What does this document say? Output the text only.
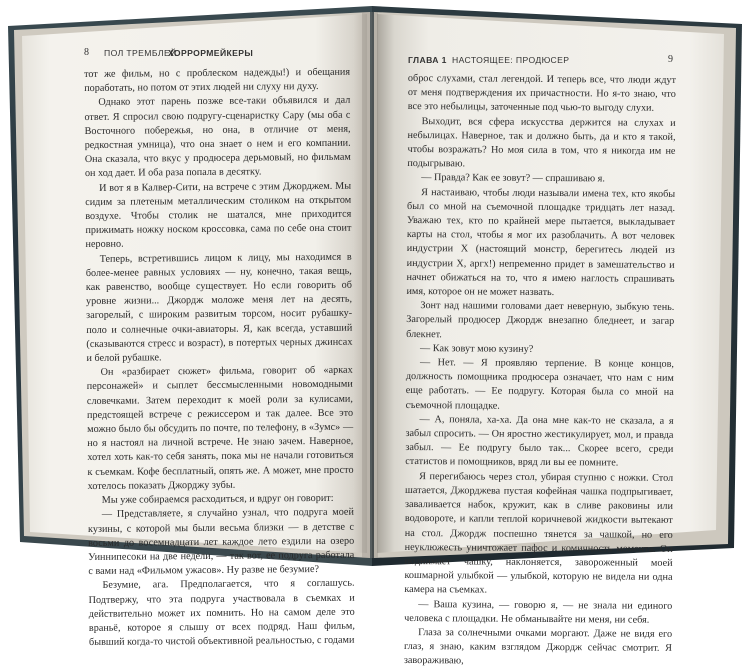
8 ПОЛ ТРЕМБЛЕЙ
ХОРРОРМЕЙКЕРЫ

тот же фильм, но с проблеском надежды!) и обещания поработать, но потом от этих людей ни слуху ни духу.

Однако этот парень позже все-таки объявился и дал ответ. Я спросил свою подругу-сценаристку Сару (мы оба с Восточного побережья, но она, в отличие от меня, редкостная умница), что она знает о нем и его компании. Она сказала, что вкус у продюсера дерьмовый, но фильмам он ход дает. И оба раза попала в десятку.

И вот я в Калвер-Сити, на встрече с этим Джорджем. Мы сидим за плетеным металлическим столиком на открытом воздухе. Чтобы столик не шатался, мне приходится прижимать ножку носком кроссовка, сама по себе она стоит неровно.

Теперь, встретившись лицом к лицу, мы находимся в более-менее равных условиях — ну, конечно, такая вещь, как равенство, вообще существует. Но если говорить об уровне жизни... Джордж моложе меня лет на десять, загорелый, с широким развитым торсом, носит рубашку-поло и солнечные очки-авиаторы. Я, как всегда, уставший (сказываются стресс и возраст), в потертых черных джинсах и белой рубашке.

Он «разбирает сюжет» фильма, говорит об «арках персонажей» и сыплет бессмысленными новомодными словечками. Затем переходит к моей роли за кулисами, предстоящей встрече с режиссером и так далее. Все это можно было бы обсудить по почте, по телефону, в «Зумс» — но я настоял на личной встрече. Не знаю зачем. Наверное, хотел хоть как-то себя занять, пока мы не начали готовиться к съемкам. Кофе бесплатный, опять же. А может, мне просто хотелось показать Джорджу зубы.

Мы уже собираемся расходиться, и вдруг он говорит:

— Представляете, я случайно узнал, что подруга моей кузины, с которой мы были весьма близки — в детстве с восьми до восемнадцати лет каждое лето ездили на озеро Уиннипесоки на две недели, — так вот, ее подруга работала с вами над «Фильмом ужасов». Ну разве не безумие?

Безумие, ага. Предполагается, что я соглашусь. Подтвержу, что эта подруга участвовала в съемках и действительно может их помнить. Но на самом деле это враньё, которое я слышу от всех подряд. Наш фильм, бывший когда-то чистой объективной реальностью, с годами

ГЛАВА 1 НАСТОЯЩЕЕ: ПРОДЮСЕР	9

оброс слухами, стал легендой. И теперь все, что люди ждут от меня подтверждения их причастности. Но я-то знаю, что все это небылицы, заточенные под чью-то выгоду слухи.

Выходит, вся сфера искусства держится на слухах и небылицах. Наверное, так и должно быть, да и кто я такой, чтобы возражать? Но моя сила в том, что я никогда им не подыгрываю.

— Правда? Как ее зовут? — спрашиваю я.

Я настаиваю, чтобы люди называли имена тех, кто якобы был со мной на съемочной площадке тридцать лет назад. Уважаю тех, кто по крайней мере пытается, выкладывает карты на стол, чтобы я мог их разоблачить. А вот человек индустрии X (настоящий монстр, берегитесь людей из индустрии X, аргх!) непременно придет в замешательство и начнет обижаться на то, что я имею наглость спрашивать имя, которое он не может назвать.

Зонт над нашими головами дает неверную, зыбкую тень. Загорелый продюсер Джордж внезапно бледнеет, и загар блекнет.

— Как зовут мою кузину?

— Нет. — Я проявляю терпение. В конце концов, должность помощника продюсера означает, что нам с ним еще работать. — Ее подругу. Которая была со мной на съемочной площадке.

— А, поняла, ха-ха. Да она мне как-то не сказала, а я забыл спросить. — Он яростно жестикулирует, мол, и правда забыл. — Ее подругу было так... Скорее всего, среди статистов и помощников, вряд ли вы ее помните.

Я перегибаюсь через стол, убирая ступню с ножки. Стол шатается, Джорджева пустая кофейная чашка подпрыгивает, заваливается набок, кружит, как в сливе раковины или водовороте, и капли теплой коричневой жидкости вытекают на стол. Джордж поспешно тянется за чашкой, но его неуклюжесть уничтожает пафос и комичность момента. Он поднимает чашку, наклоняется, завороженный моей кошмарной улыбкой — улыбкой, которую не видела ни одна камера на съемках.

— Ваша кузина, — говорю я, — не знала ни единого человека с площадки. Не обманывайте ни меня, ни себя.

Глаза за солнечными очками моргают. Даже не видя его глаз, я знаю, каким взглядом Джордж сейчас смотрит. Я завораживаю,
